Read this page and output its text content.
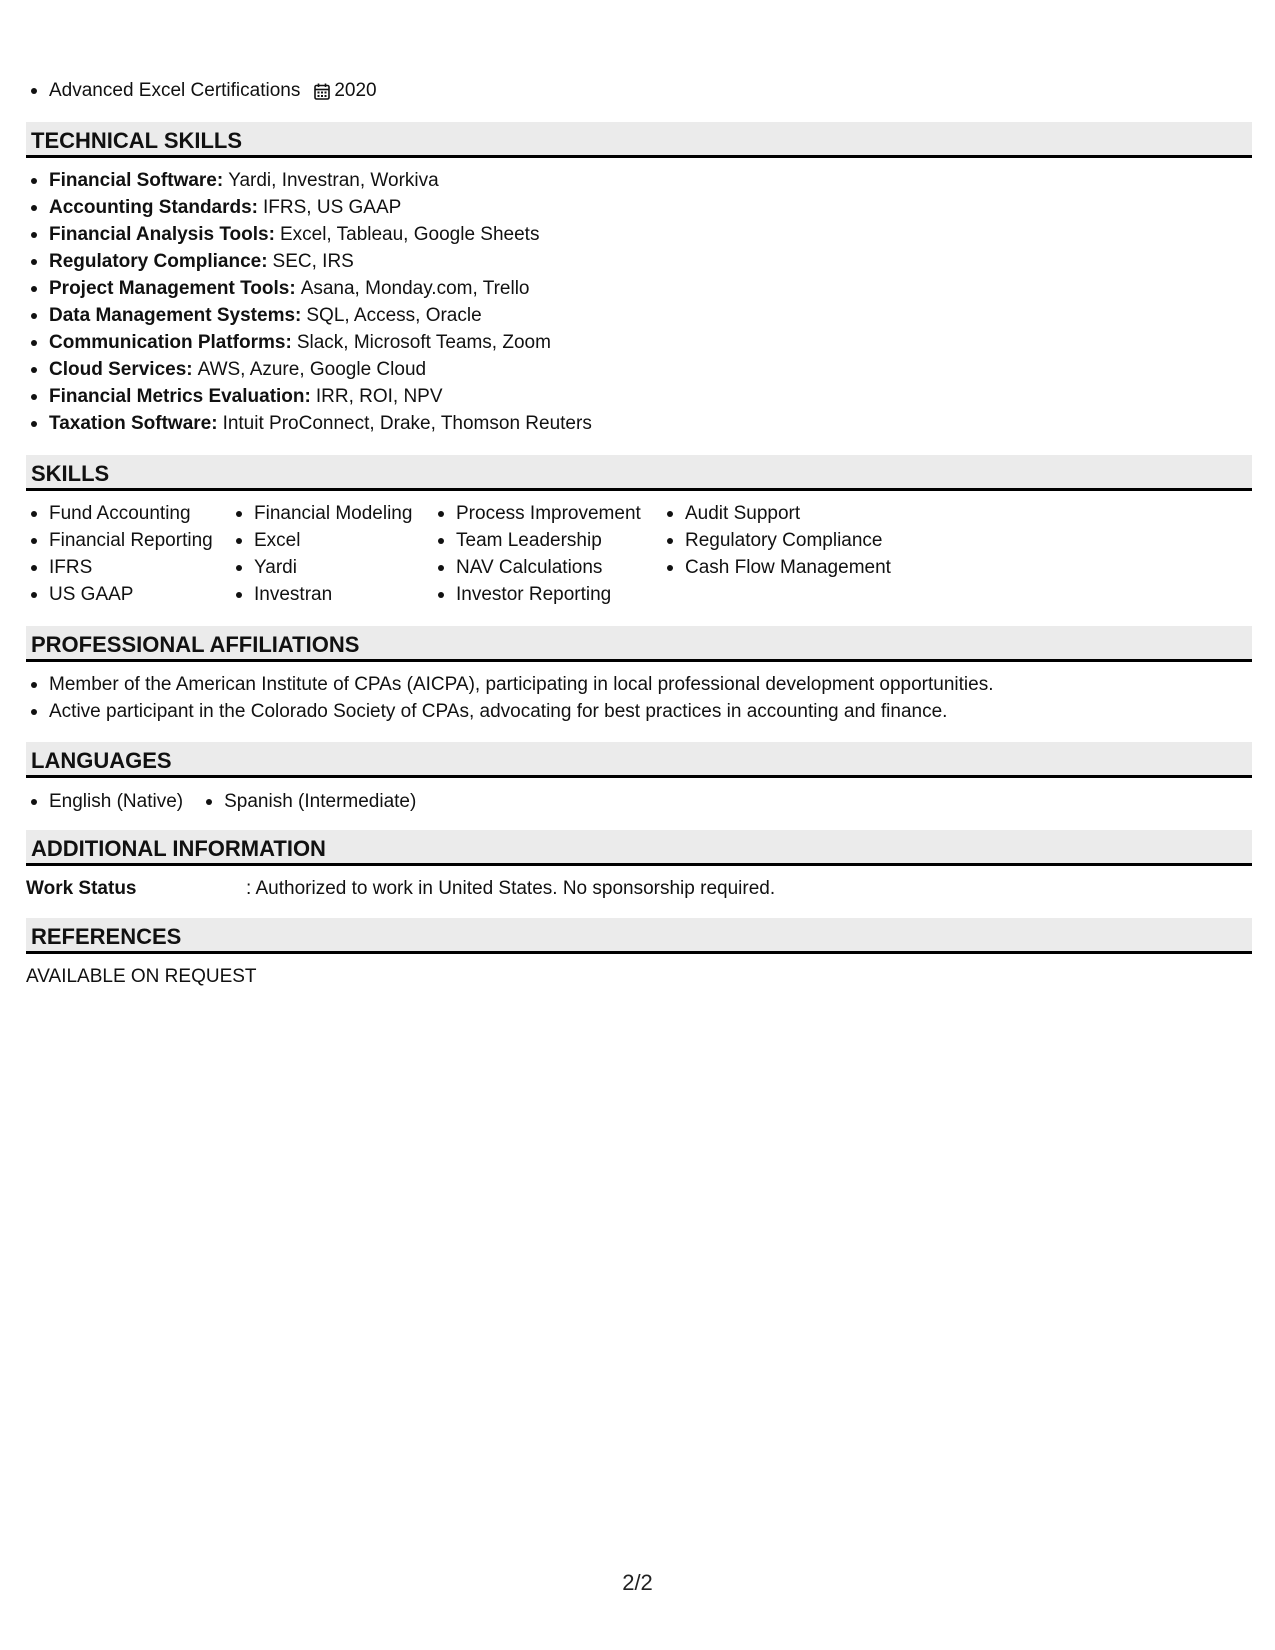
Advanced Excel Certifications 2020
TECHNICAL SKILLS
Financial Software: Yardi, Investran, Workiva
Accounting Standards: IFRS, US GAAP
Financial Analysis Tools: Excel, Tableau, Google Sheets
Regulatory Compliance: SEC, IRS
Project Management Tools: Asana, Monday.com, Trello
Data Management Systems: SQL, Access, Oracle
Communication Platforms: Slack, Microsoft Teams, Zoom
Cloud Services: AWS, Azure, Google Cloud
Financial Metrics Evaluation: IRR, ROI, NPV
Taxation Software: Intuit ProConnect, Drake, Thomson Reuters
SKILLS
Fund Accounting
Financial Reporting
IFRS
US GAAP
Financial Modeling
Excel
Yardi
Investran
Process Improvement
Team Leadership
NAV Calculations
Investor Reporting
Audit Support
Regulatory Compliance
Cash Flow Management
PROFESSIONAL AFFILIATIONS
Member of the American Institute of CPAs (AICPA), participating in local professional development opportunities.
Active participant in the Colorado Society of CPAs, advocating for best practices in accounting and finance.
LANGUAGES
English (Native) Spanish (Intermediate)
ADDITIONAL INFORMATION
Work Status	: Authorized to work in United States. No sponsorship required.
REFERENCES
AVAILABLE ON REQUEST
2/2
